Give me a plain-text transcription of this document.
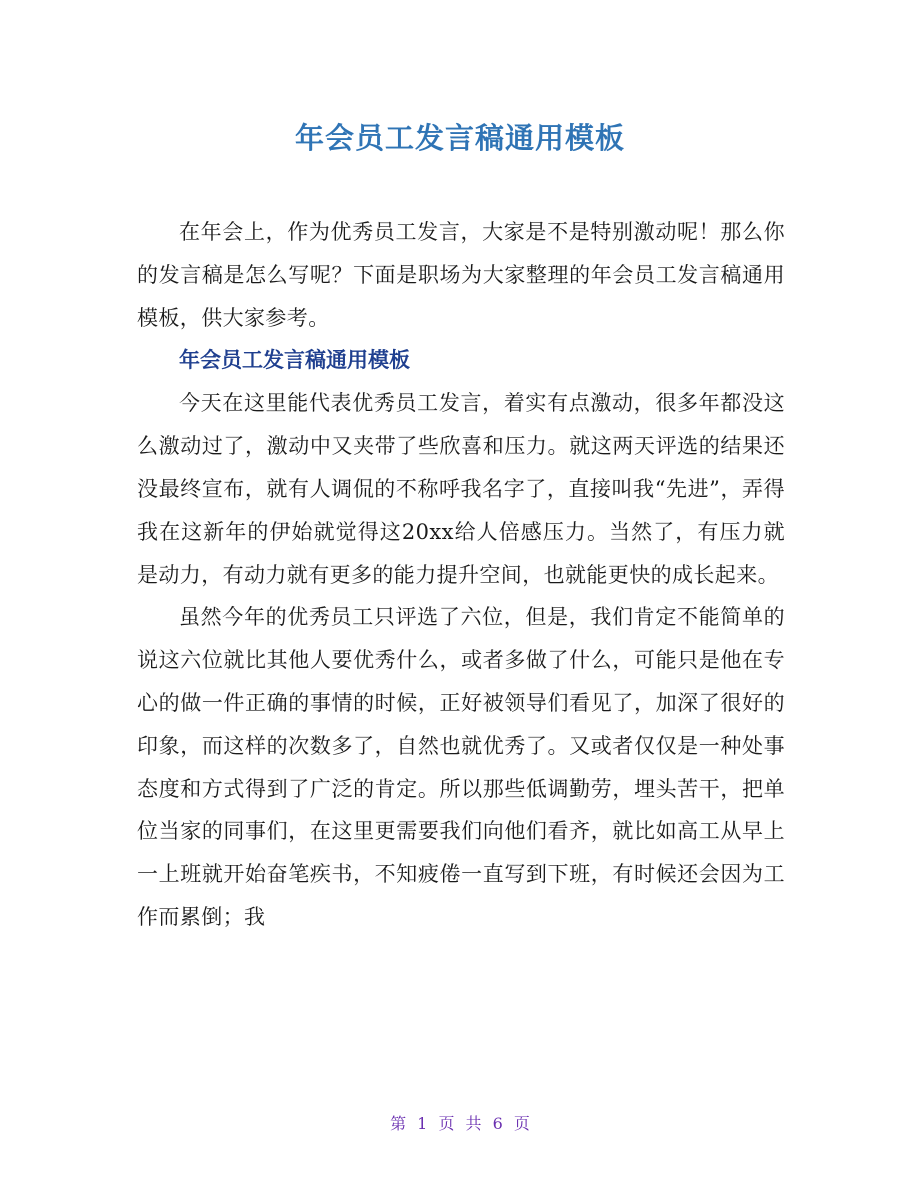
年会员工发言稿通用模板

在年会上，作为优秀员工发言，大家是不是特别激动呢！那么你的发言稿是怎么写呢？下面是职场为大家整理的年会员工发言稿通用模板，供大家参考。

年会员工发言稿通用模板

今天在这里能代表优秀员工发言，着实有点激动，很多年都没这么激动过了，激动中又夹带了些欣喜和压力。就这两天评选的结果还没最终宣布，就有人调侃的不称呼我名字了，直接叫我“先进”，弄得我在这新年的伊始就觉得这20xx给人倍感压力。当然了，有压力就是动力，有动力就有更多的能力提升空间，也就能更快的成长起来。

虽然今年的优秀员工只评选了六位，但是，我们肯定不能简单的说这六位就比其他人要优秀什么，或者多做了什么，可能只是他在专心的做一件正确的事情的时候，正好被领导们看见了，加深了很好的印象，而这样的次数多了，自然也就优秀了。又或者仅仅是一种处事态度和方式得到了广泛的肯定。所以那些低调勤劳，埋头苦干，把单位当家的同事们，在这里更需要我们向他们看齐，就比如高工从早上一上班就开始奋笔疾书，不知疲倦一直写到下班，有时候还会因为工作而累倒；我

第 1 页 共 6 页
